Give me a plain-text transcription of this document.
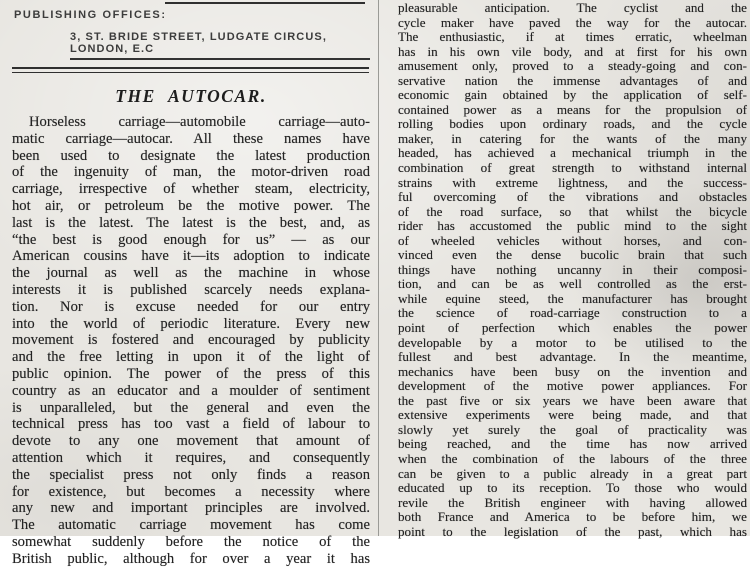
PUBLISHING OFFICES:
3, ST. BRIDE STREET, LUDGATE CIRCUS, LONDON, E.C
THE AUTOCAR.
Horseless carriage—automobile carriage—auto-
matic carriage—autocar. All these names have
been used to designate the latest production
of the ingenuity of man, the motor-driven road
carriage, irrespective of whether steam, electricity,
hot air, or petroleum be the motive power. The
last is the latest. The latest is the best, and, as
“the best is good enough for us” — as our
American cousins have it—its adoption to indicate
the journal as well as the machine in whose
interests it is published scarcely needs explana-
tion. Nor is excuse needed for our entry
into the world of periodic literature. Every new
movement is fostered and encouraged by publicity
and the free letting in upon it of the light of
public opinion. The power of the press of this
country as an educator and a moulder of sentiment
is unparalleled, but the general and even the
technical press has too vast a field of labour to
devote to any one movement that amount of
attention which it requires, and consequently
the specialist press not only finds a reason
for existence, but becomes a necessity where
any new and important principles are involved.
The automatic carriage movement has come
somewhat suddenly before the notice of the
British public, although for over a year it has
pleasurable anticipation. The cyclist and the
cycle maker have paved the way for the autocar.
The enthusiastic, if at times erratic, wheelman
has in his own vile body, and at first for his own
amusement only, proved to a steady-going and con-
servative nation the immense advantages of and
economic gain obtained by the application of self-
contained power as a means for the propulsion of
rolling bodies upon ordinary roads, and the cycle
maker, in catering for the wants of the many
headed, has achieved a mechanical triumph in the
combination of great strength to withstand internal
strains with extreme lightness, and the success-
ful overcoming of the vibrations and obstacles
of the road surface, so that whilst the bicycle
rider has accustomed the public mind to the sight
of wheeled vehicles without horses, and con-
vinced even the dense bucolic brain that such
things have nothing uncanny in their composi-
tion, and can be as well controlled as the erst-
while equine steed, the manufacturer has brought
the science of road-carriage construction to a
point of perfection which enables the power
developable by a motor to be utilised to the
fullest and best advantage. In the meantime,
mechanics have been busy on the invention and
development of the motive power appliances. For
the past five or six years we have been aware that
extensive experiments were being made, and that
slowly yet surely the goal of practicality was
being reached, and the time has now arrived
when the combination of the labours of the three
can be given to a public already in a great part
educated up to its reception. To those who would
revile the British engineer with having allowed
both France and America to be before him, we
point to the legislation of the past, which has
